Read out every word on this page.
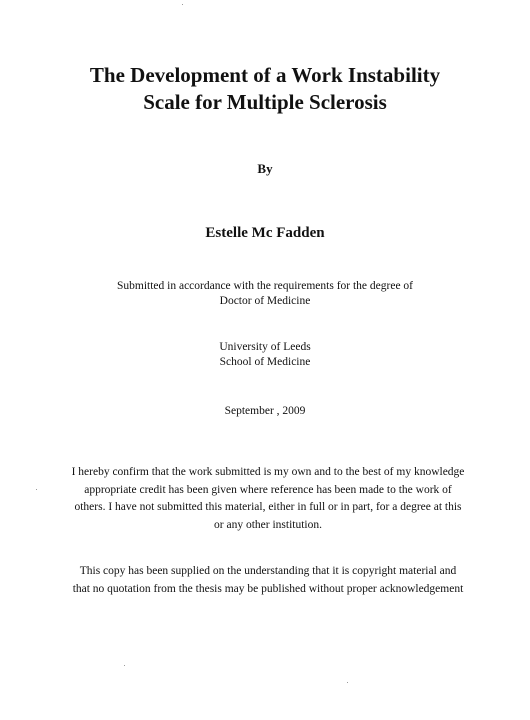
The Development of a Work Instability

Scale for Multiple Sclerosis

By
Estelle Mc Fadden

Submitted in accordance with the requirements for the degree of

Doctor of Medicine

University of Leeds

School of Medicine

September , 2009

I hereby confirm that the work submitted is my own and to the best of my knowledge

appropriate credit has been given where reference has been made to the work of

others. I have not submitted this material, either in full or in part, for a degree at this

or any other institution.

This copy has been supplied on the understanding that it is copyright material and

that no quotation from the thesis may be published without proper acknowledgement
